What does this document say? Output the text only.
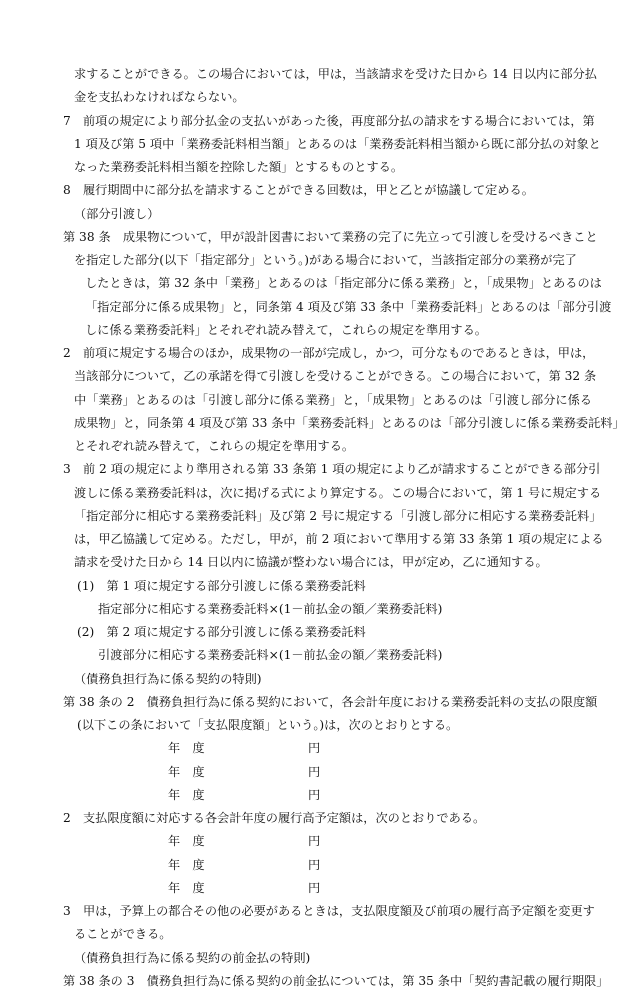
求することができる。この場合においては，甲は，当該請求を受けた日から 14 日以内に部分払
金を支払わなければならない。
7　前項の規定により部分払金の支払いがあった後，再度部分払の請求をする場合においては，第
1 項及び第 5 項中「業務委託料相当額」とあるのは「業務委託料相当額から既に部分払の対象と
なった業務委託料相当額を控除した額」とするものとする。
8　履行期間中に部分払を請求することができる回数は，甲と乙とが協議して定める。
（部分引渡し）
第 38 条　成果物について，甲が設計図書において業務の完了に先立って引渡しを受けるべきこと
を指定した部分(以下「指定部分」という。)がある場合において，当該指定部分の業務が完了
したときは，第 32 条中「業務」とあるのは「指定部分に係る業務」と，「成果物」とあるのは
「指定部分に係る成果物」と，同条第 4 項及び第 33 条中「業務委託料」とあるのは「部分引渡
しに係る業務委託料」とそれぞれ読み替えて，これらの規定を準用する。
2　前項に規定する場合のほか，成果物の一部が完成し，かつ，可分なものであるときは，甲は，
当該部分について，乙の承諾を得て引渡しを受けることができる。この場合において，第 32 条
中「業務」とあるのは「引渡し部分に係る業務」と，「成果物」とあるのは「引渡し部分に係る
成果物」と，同条第 4 項及び第 33 条中「業務委託料」とあるのは「部分引渡しに係る業務委託料」
とそれぞれ読み替えて，これらの規定を準用する。
3　前 2 項の規定により準用される第 33 条第 1 項の規定により乙が請求することができる部分引
渡しに係る業務委託料は，次に掲げる式により算定する。この場合において，第 1 号に規定する
「指定部分に相応する業務委託料」及び第 2 号に規定する「引渡し部分に相応する業務委託料」
は，甲乙協議して定める。ただし，甲が，前 2 項において準用する第 33 条第 1 項の規定による
請求を受けた日から 14 日以内に協議が整わない場合には，甲が定め，乙に通知する。
(1)　第 1 項に規定する部分引渡しに係る業務委託料
指定部分に相応する業務委託料×(1－前払金の額／業務委託料)
(2)　第 2 項に規定する部分引渡しに係る業務委託料
引渡部分に相応する業務委託料×(1－前払金の額／業務委託料)
（債務負担行為に係る契約の特則)
第 38 条の 2　債務負担行為に係る契約において，各会計年度における業務委託料の支払の限度額
(以下この条において「支払限度額」という。)は，次のとおりとする。
年　度	円
年　度	円
年　度	円
2　支払限度額に対応する各会計年度の履行高予定額は，次のとおりである。
年　度	円
年　度	円
年　度	円
3　甲は，予算上の都合その他の必要があるときは，支払限度額及び前項の履行高予定額を変更す
ることができる。
（債務負担行為に係る契約の前金払の特則)
第 38 条の 3　債務負担行為に係る契約の前金払については，第 35 条中「契約書記載の履行期限」
